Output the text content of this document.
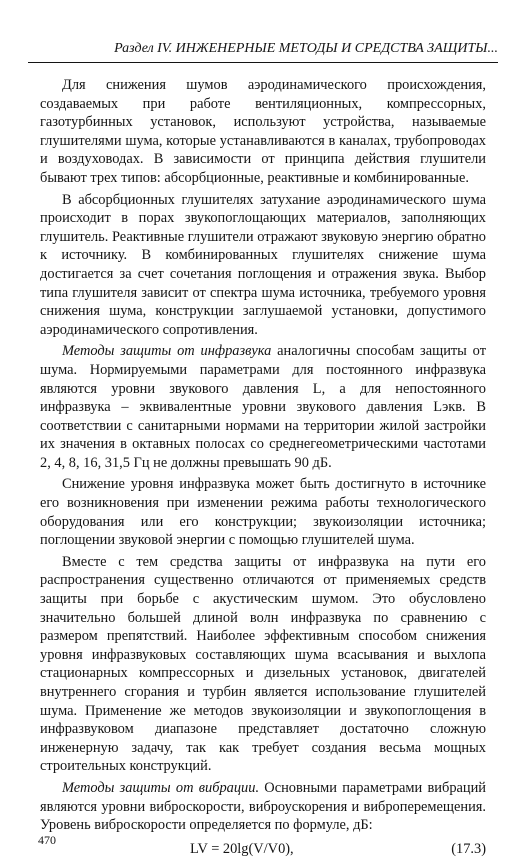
Раздел IV. ИНЖЕНЕРНЫЕ МЕТОДЫ И СРЕДСТВА ЗАЩИТЫ...

Для снижения шумов аэродинамического происхождения, создаваемых при работе вентиляционных, компрессорных, газотурбинных установок, используют устройства, называемые глушителями шума, которые устанавливаются в каналах, трубопроводах и воздуховодах. В зависимости от принципа действия глушители бывают трех типов: абсорбционные, реактивные и комбинированные.

В абсорбционных глушителях затухание аэродинамического шума происходит в порах звукопоглощающих материалов, заполняющих глушитель. Реактивные глушители отражают звуковую энергию обратно к источнику. В комбинированных глушителях снижение шума достигается за счет сочетания поглощения и отражения звука. Выбор типа глушителя зависит от спектра шума источника, требуемого уровня снижения шума, конструкции заглушаемой установки, допустимого аэродинамического сопротивления.

Методы защиты от инфразвука аналогичны способам защиты от шума. Нормируемыми параметрами для постоянного инфразвука являются уровни звукового давления L, а для непостоянного инфразвука – эквивалентные уровни звукового давления Lэкв. В соответствии с санитарными нормами на территории жилой застройки их значения в октавных полосах со среднегеометрическими частотами 2, 4, 8, 16, 31,5 Гц не должны превышать 90 дБ.

Снижение уровня инфразвука может быть достигнуто в источнике его возникновения при изменении режима работы технологического оборудования или его конструкции; звукоизоляции источника; поглощении звуковой энергии с помощью глушителей шума.

Вместе с тем средства защиты от инфразвука на пути его распространения существенно отличаются от применяемых средств защиты при борьбе с акустическим шумом. Это обусловлено значительно большей длиной волн инфразвука по сравнению с размером препятствий. Наиболее эффективным способом снижения уровня инфразвуковых составляющих шума всасывания и выхлопа стационарных компрессорных и дизельных установок, двигателей внутреннего сгорания и турбин является использование глушителей шума. Применение же методов звукоизоляции и звукопоглощения в инфразвуковом диапазоне представляет достаточно сложную инженерную задачу, так как требует создания весьма мощных строительных конструкций.

Методы защиты от вибрации. Основными параметрами вибраций являются уровни виброскорости, виброускорения и виброперемещения. Уровень виброскорости определяется по формуле, дБ:

LV = 20lg(V/V0),	(17.3)
470
